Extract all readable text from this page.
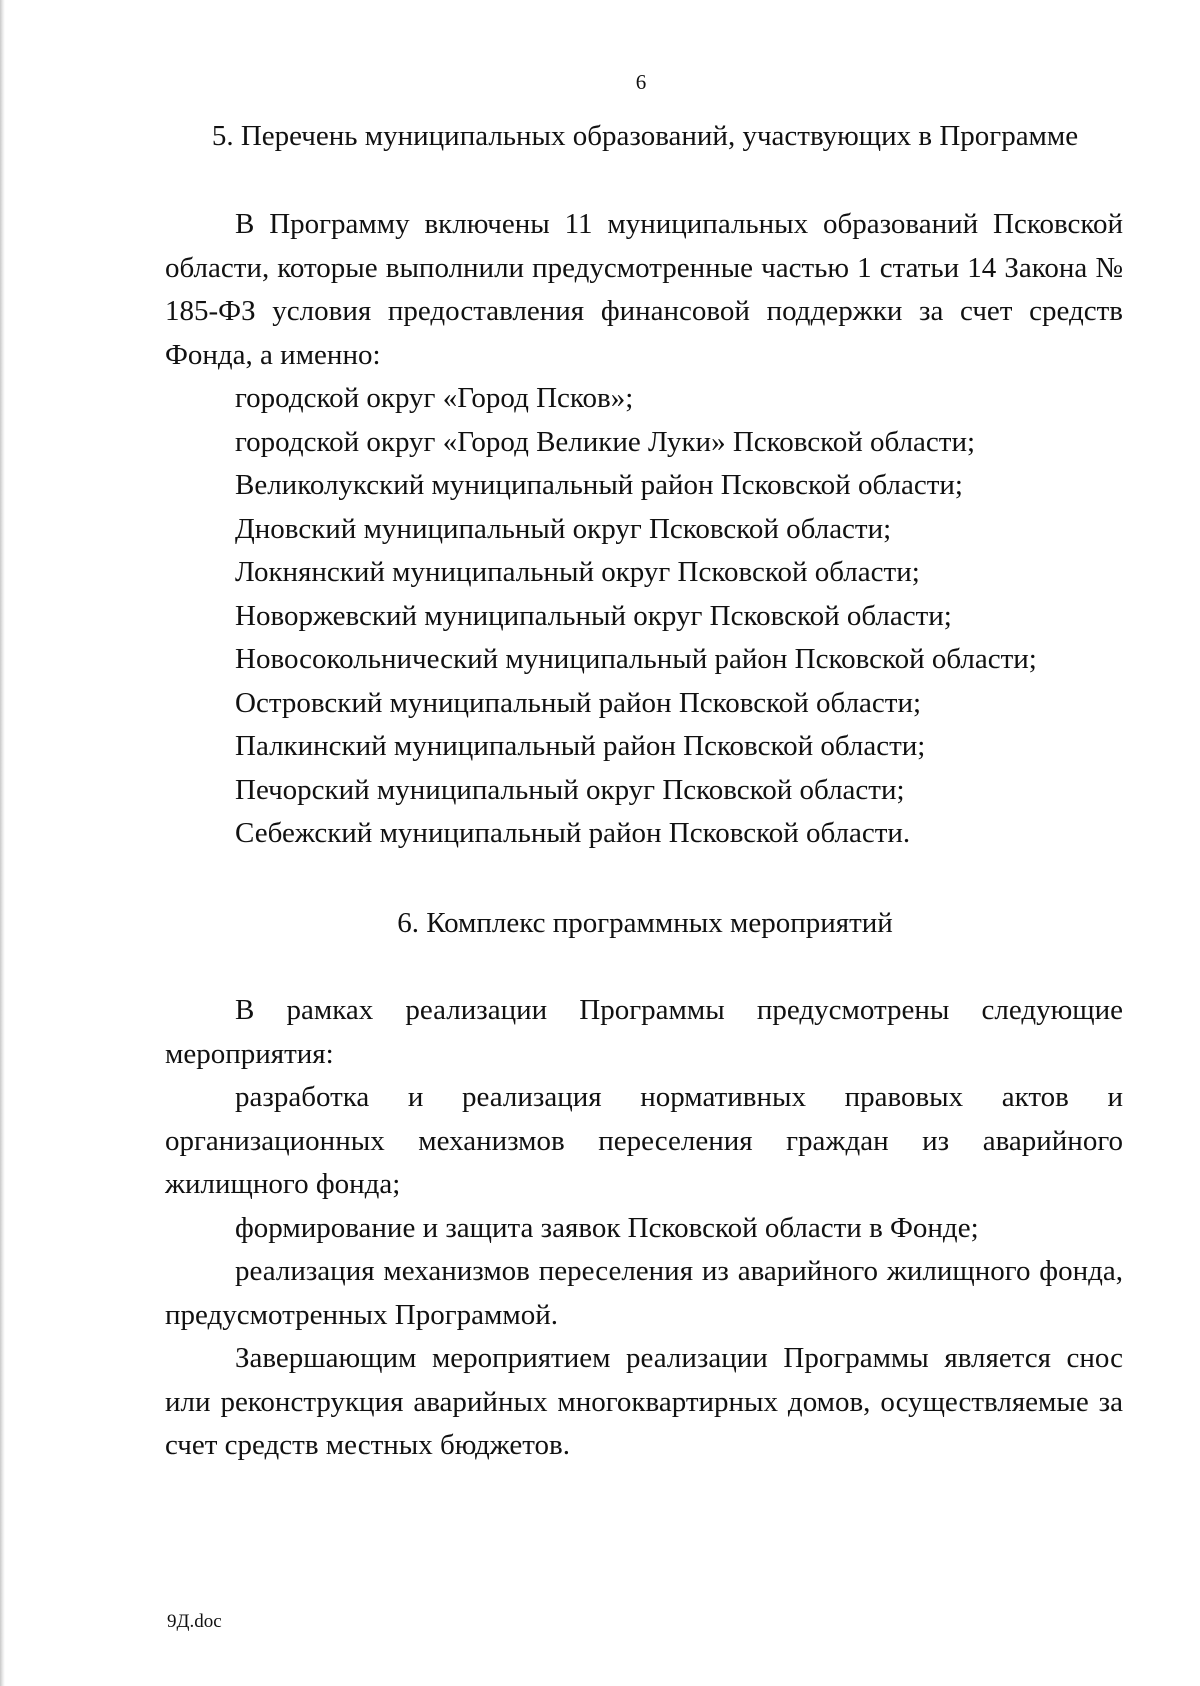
6
5. Перечень муниципальных образований, участвующих в Программе

В Программу включены 11 муниципальных образований Псковской области, которые выполнили предусмотренные частью 1 статьи 14 Закона № 185-ФЗ условия предоставления финансовой поддержки за счет средств Фонда, а именно:

городской округ «Город Псков»;

городской округ «Город Великие Луки» Псковской области;

Великолукский муниципальный район Псковской области;

Дновский муниципальный округ Псковской области;

Локнянский муниципальный округ Псковской области;

Новоржевский муниципальный округ Псковской области;

Новосокольнический муниципальный район Псковской области;

Островский муниципальный район Псковской области;

Палкинский муниципальный район Псковской области;

Печорский муниципальный округ Псковской области;

Себежский муниципальный район Псковской области.

6. Комплекс программных мероприятий

В рамках реализации Программы предусмотрены следующие мероприятия:

разработка и реализация нормативных правовых актов и организационных механизмов переселения граждан из аварийного жилищного фонда;

формирование и защита заявок Псковской области в Фонде;

реализация механизмов переселения из аварийного жилищного фонда, предусмотренных Программой.

Завершающим мероприятием реализации Программы является снос или реконструкция аварийных многоквартирных домов, осуществляемые за счет средств местных бюджетов.

9Д.doc
